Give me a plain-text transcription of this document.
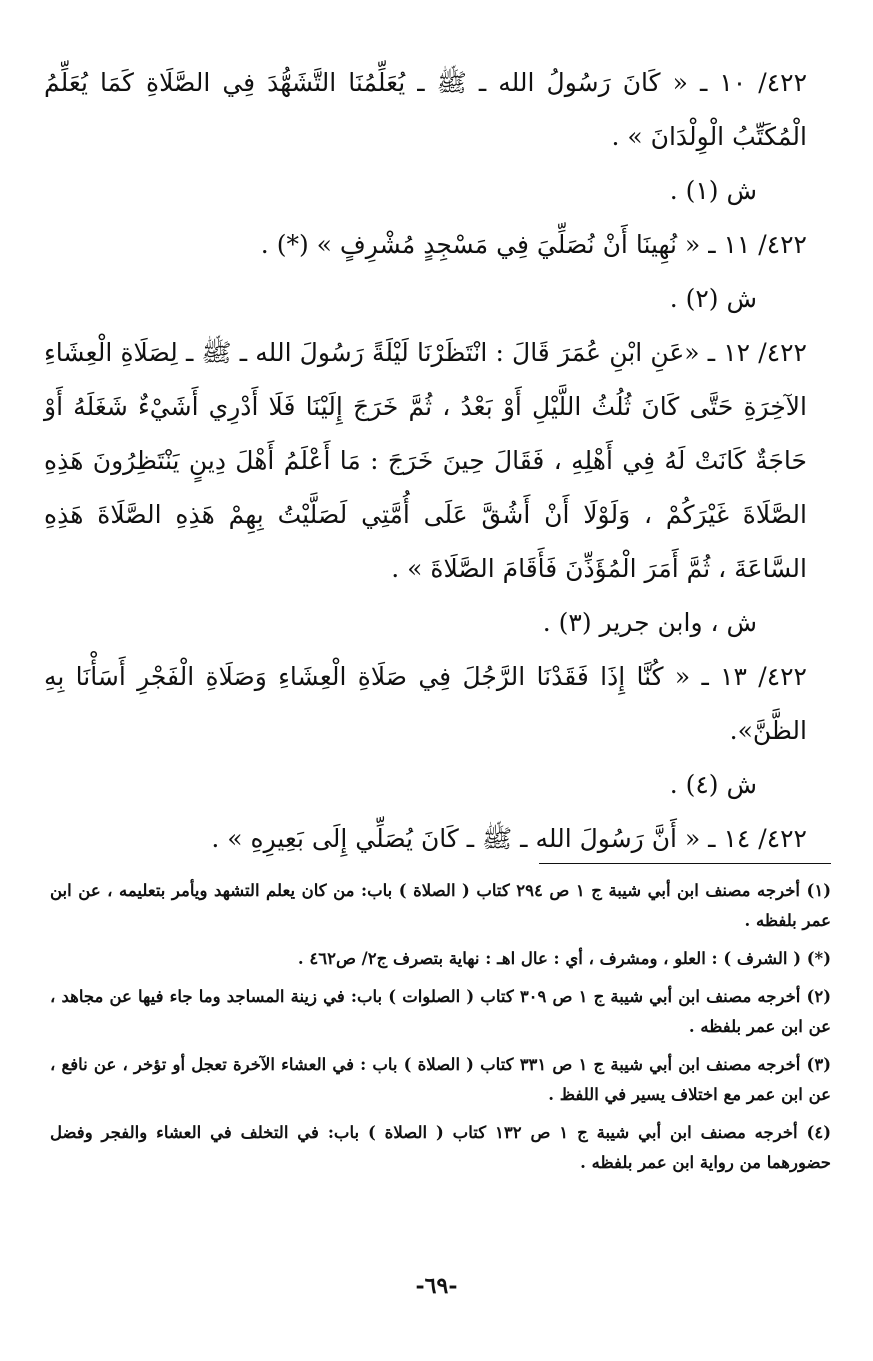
٤٢٢/ ١٠ ـ « كَانَ رَسُولُ الله ـ ﷺ ـ يُعَلِّمُنَا التَّشَهُّدَ فِي الصَّلَاةِ كَمَا يُعَلِّمُ الْمُكَتِّبُ الْوِلْدَانَ » .

ش (١) .

٤٢٢/ ١١ ـ « نُهِينَا أَنْ نُصَلِّيَ فِي مَسْجِدٍ مُشْرِفٍ » (*) .

ش (٢) .

٤٢٢/ ١٢ ـ «عَنِ ابْنِ عُمَرَ قَالَ : انْتَظَرْنَا لَيْلَةً رَسُولَ الله ـ ﷺ ـ لِصَلَاةِ الْعِشَاءِ الآخِرَةِ حَتَّى كَانَ ثُلُثُ اللَّيْلِ أَوْ بَعْدُ ، ثُمَّ خَرَجَ إِلَيْنَا فَلَا أَدْرِي أَشَيْءٌ شَغَلَهُ أَوْ حَاجَةٌ كَانَتْ لَهُ فِي أَهْلِهِ ، فَقَالَ حِينَ خَرَجَ : مَا أَعْلَمُ أَهْلَ دِينٍ يَنْتَظِرُونَ هَذِهِ الصَّلَاةَ غَيْرَكُمْ ، وَلَوْلَا أَنْ أَشُقَّ عَلَى أُمَّتِي لَصَلَّيْتُ بِهِمْ هَذِهِ الصَّلَاةَ هَذِهِ السَّاعَةَ ، ثُمَّ أَمَرَ الْمُؤَذِّنَ فَأَقَامَ الصَّلَاةَ » .

ش ، وابن جرير (٣) .

٤٢٢/ ١٣ ـ « كُنَّا إِذَا فَقَدْنَا الرَّجُلَ فِي صَلَاةِ الْعِشَاءِ وَصَلَاةِ الْفَجْرِ أَسَأْنَا بِهِ الظَّنَّ».

ش (٤) .

٤٢٢/ ١٤ ـ « أَنَّ رَسُولَ الله ـ ﷺ ـ كَانَ يُصَلِّي إِلَى بَعِيرِهِ » .

(١) أخرجه مصنف ابن أبي شيبة ج ١ ص ٢٩٤ كتاب ( الصلاة ) باب: من كان يعلم التشهد ويأمر بتعليمه ، عن ابن عمر بلفظه .

(*) ( الشرف ) : العلو ، ومشرف ، أي : عال اهـ : نهاية بتصرف ج٢/ ص٤٦٢ .

(٢) أخرجه مصنف ابن أبي شيبة ج ١ ص ٣٠٩ كتاب ( الصلوات ) باب: في زينة المساجد وما جاء فيها عن مجاهد ، عن ابن عمر بلفظه .

(٣) أخرجه مصنف ابن أبي شيبة ج ١ ص ٣٣١ كتاب ( الصلاة ) باب : في العشاء الآخرة تعجل أو تؤخر ، عن نافع ، عن ابن عمر مع اختلاف يسير في اللفظ .

(٤) أخرجه مصنف ابن أبي شيبة ج ١ ص ١٣٢ كتاب ( الصلاة ) باب: في التخلف في العشاء والفجر وفضل حضورهما من رواية ابن عمر بلفظه .

-٦٩-
